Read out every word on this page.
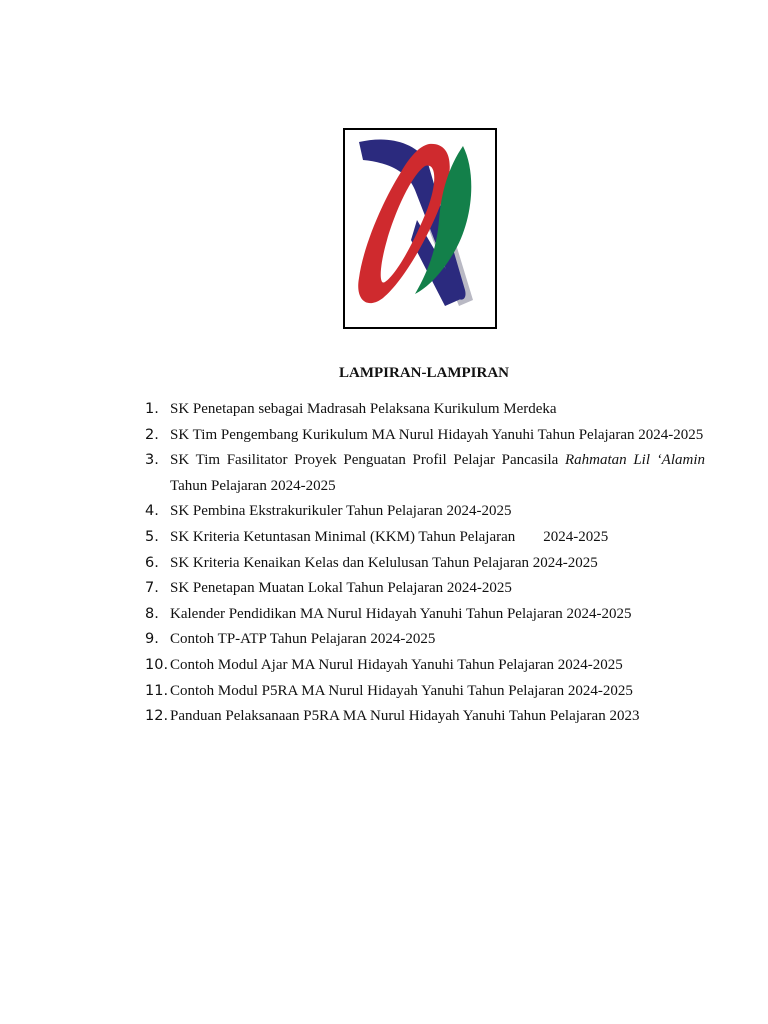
LAMPIRAN-LAMPIRAN
1. SK Penetapan sebagai Madrasah Pelaksana Kurikulum Merdeka
2. SK Tim Pengembang Kurikulum MA Nurul Hidayah Yanuhi Tahun Pelajaran 2024-2025
3. SK Tim Fasilitator Proyek Penguatan Profil Pelajar Pancasila Rahmatan Lil ‘Alamin Tahun Pelajaran 2024-2025
4. SK Pembina Ekstrakurikuler Tahun Pelajaran 2024-2025
5. SK Kriteria Ketuntasan Minimal (KKM) Tahun Pelajaran 2024-2025
6. SK Kriteria Kenaikan Kelas dan Kelulusan Tahun Pelajaran 2024-2025
7. SK Penetapan Muatan Lokal Tahun Pelajaran 2024-2025
8. Kalender Pendidikan MA Nurul Hidayah Yanuhi Tahun Pelajaran 2024-2025
9. Contoh TP-ATP Tahun Pelajaran 2024-2025
10. Contoh Modul Ajar MA Nurul Hidayah Yanuhi Tahun Pelajaran 2024-2025
11. Contoh Modul P5RA MA Nurul Hidayah Yanuhi Tahun Pelajaran 2024-2025
12. Panduan Pelaksanaan P5RA MA Nurul Hidayah Yanuhi Tahun Pelajaran 2023
